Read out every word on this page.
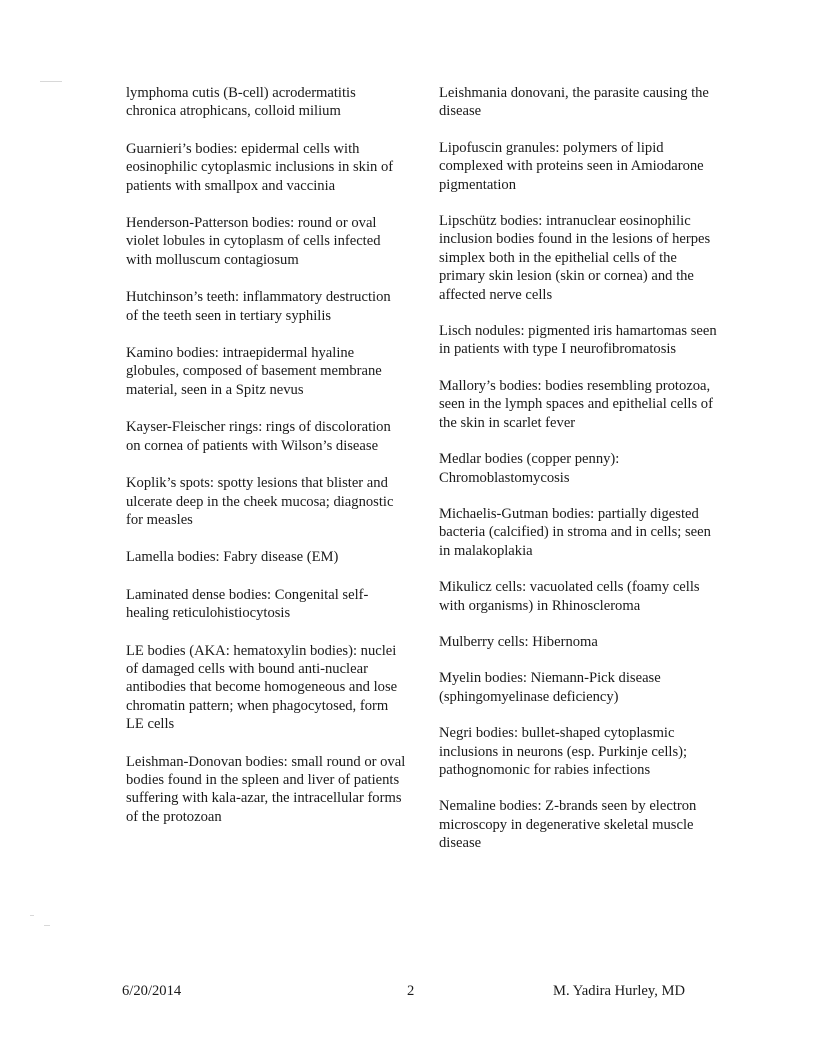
lymphoma cutis (B-cell) acrodermatitis chronica atrophicans, colloid milium

Guarnieri’s bodies: epidermal cells with eosinophilic cytoplasmic inclusions in skin of patients with smallpox and vaccinia

Henderson-Patterson bodies: round or oval violet lobules in cytoplasm of cells infected with molluscum contagiosum

Hutchinson’s teeth: inflammatory destruction of the teeth seen in tertiary syphilis

Kamino bodies: intraepidermal hyaline globules, composed of basement membrane material, seen in a Spitz nevus

Kayser-Fleischer rings: rings of discoloration on cornea of patients with Wilson’s disease

Koplik’s spots: spotty lesions that blister and ulcerate deep in the cheek mucosa; diagnostic for measles

Lamella bodies: Fabry disease (EM)

Laminated dense bodies: Congenital self-healing reticulohistiocytosis

LE bodies (AKA: hematoxylin bodies): nuclei of damaged cells with bound anti-nuclear antibodies that become homogeneous and lose chromatin pattern; when phagocytosed, form LE cells

Leishman-Donovan bodies: small round or oval bodies found in the spleen and liver of patients suffering with kala-azar, the intracellular forms of the protozoan

Leishmania donovani, the parasite causing the disease

Lipofuscin granules: polymers of lipid complexed with proteins seen in Amiodarone pigmentation

Lipschütz bodies: intranuclear eosinophilic inclusion bodies found in the lesions of herpes simplex both in the epithelial cells of the primary skin lesion (skin or cornea) and the affected nerve cells

Lisch nodules: pigmented iris hamartomas seen in patients with type I neurofibromatosis

Mallory’s bodies: bodies resembling protozoa, seen in the lymph spaces and epithelial cells of the skin in scarlet fever

Medlar bodies (copper penny): Chromoblastomycosis

Michaelis-Gutman bodies: partially digested bacteria (calcified) in stroma and in cells; seen in malakoplakia

Mikulicz cells: vacuolated cells (foamy cells with organisms) in Rhinoscleroma

Mulberry cells: Hibernoma

Myelin bodies: Niemann-Pick disease (sphingomyelinase deficiency)

Negri bodies: bullet-shaped cytoplasmic inclusions in neurons (esp. Purkinje cells); pathognomonic for rabies infections

Nemaline bodies: Z-brands seen by electron microscopy in degenerative skeletal muscle disease

6/20/2014	2	M. Yadira Hurley, MD
